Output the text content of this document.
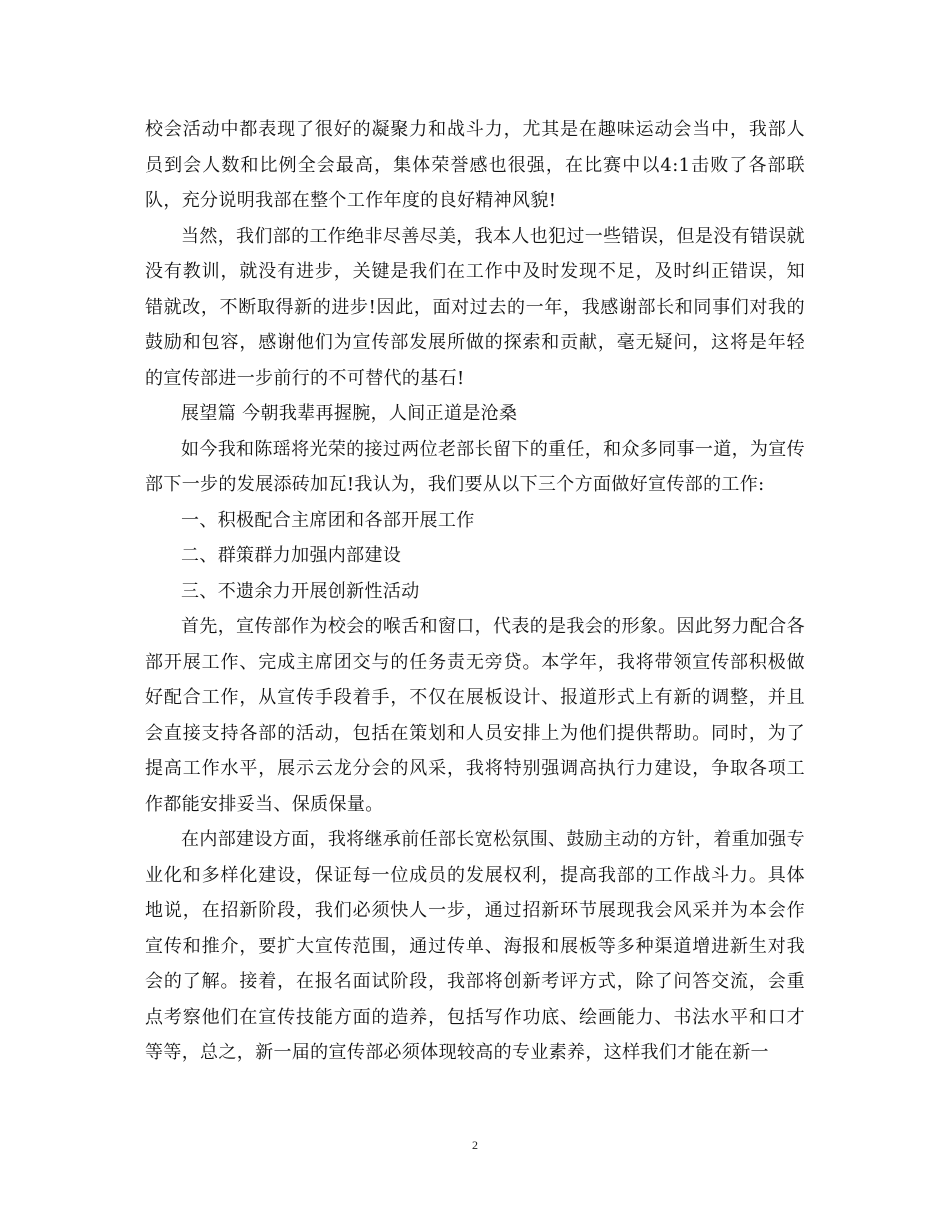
校会活动中都表现了很好的凝聚力和战斗力，尤其是在趣味运动会当中，我部人员到会人数和比例全会最高，集体荣誉感也很强，在比赛中以4:1击败了各部联队，充分说明我部在整个工作年度的良好精神风貌!

当然，我们部的工作绝非尽善尽美，我本人也犯过一些错误，但是没有错误就没有教训，就没有进步，关键是我们在工作中及时发现不足，及时纠正错误，知错就改，不断取得新的进步!因此，面对过去的一年，我感谢部长和同事们对我的鼓励和包容，感谢他们为宣传部发展所做的探索和贡献，毫无疑问，这将是年轻的宣传部进一步前行的不可替代的基石!

展望篇 今朝我辈再握腕，人间正道是沧桑

如今我和陈瑶将光荣的接过两位老部长留下的重任，和众多同事一道，为宣传部下一步的发展添砖加瓦!我认为，我们要从以下三个方面做好宣传部的工作:

一、积极配合主席团和各部开展工作

二、群策群力加强内部建设

三、不遗余力开展创新性活动

首先，宣传部作为校会的喉舌和窗口，代表的是我会的形象。因此努力配合各部开展工作、完成主席团交与的任务责无旁贷。本学年，我将带领宣传部积极做好配合工作，从宣传手段着手，不仅在展板设计、报道形式上有新的调整，并且会直接支持各部的活动，包括在策划和人员安排上为他们提供帮助。同时，为了提高工作水平，展示云龙分会的风采，我将特别强调高执行力建设，争取各项工作都能安排妥当、保质保量。

在内部建设方面，我将继承前任部长宽松氛围、鼓励主动的方针，着重加强专业化和多样化建设，保证每一位成员的发展权利，提高我部的工作战斗力。具体地说，在招新阶段，我们必须快人一步，通过招新环节展现我会风采并为本会作宣传和推介，要扩大宣传范围，通过传单、海报和展板等多种渠道增进新生对我会的了解。接着，在报名面试阶段，我部将创新考评方式，除了问答交流，会重点考察他们在宣传技能方面的造养，包括写作功底、绘画能力、书法水平和口才等等，总之，新一届的宣传部必须体现较高的专业素养，这样我们才能在新一

2
